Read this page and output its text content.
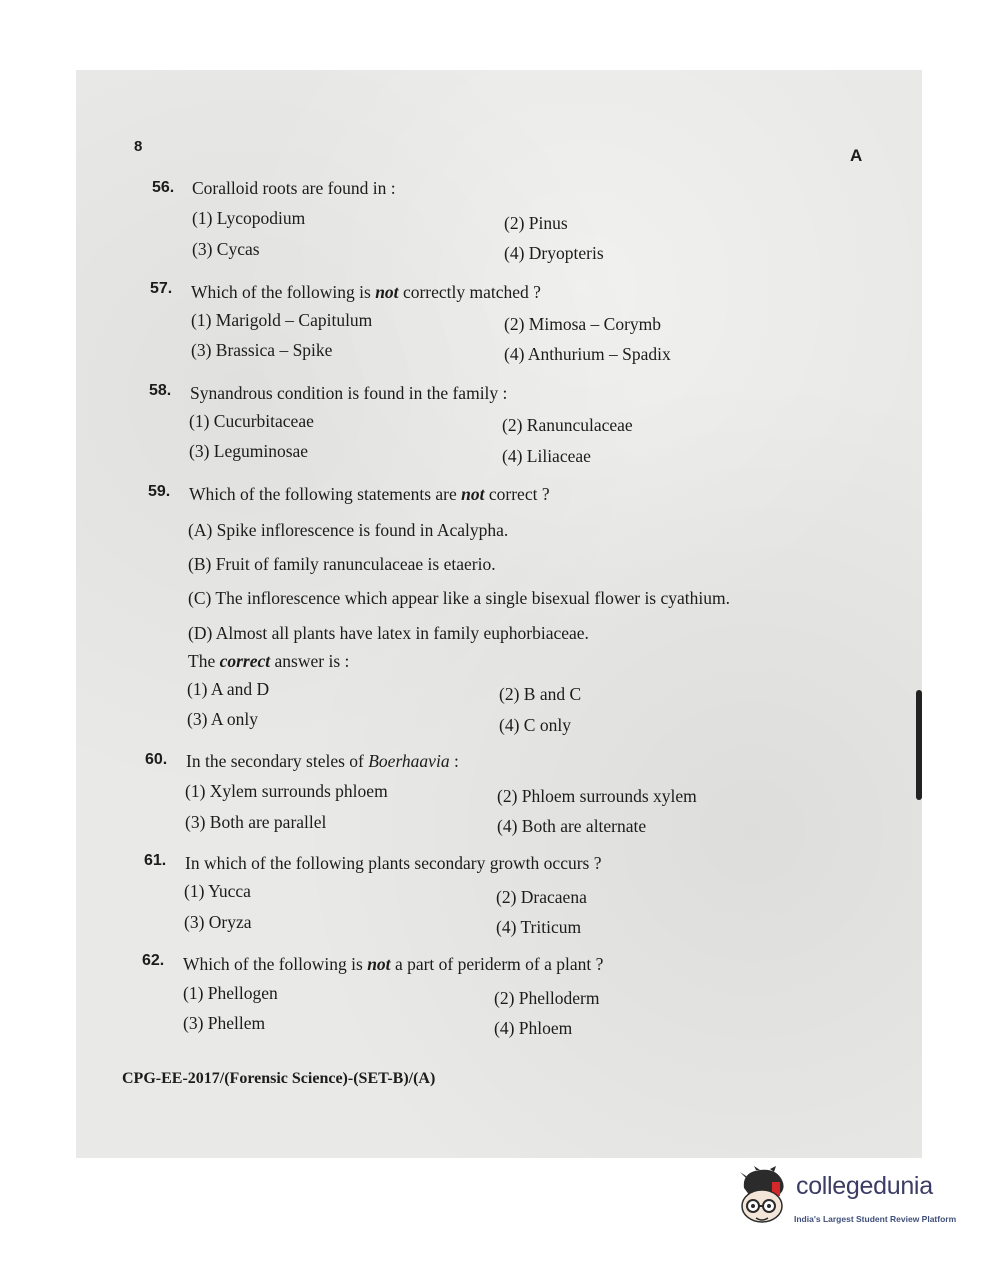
8	A
56. Coralloid roots are found in :
(1) Lycopodium	(2) Pinus
(3) Cycas	(4) Dryopteris
57. Which of the following is not correctly matched ?
(1) Marigold – Capitulum	(2) Mimosa – Corymb
(3) Brassica – Spike	(4) Anthurium – Spadix
58. Synandrous condition is found in the family :
(1) Cucurbitaceae	(2) Ranunculaceae
(3) Leguminosae	(4) Liliaceae
59. Which of the following statements are not correct ?
(A) Spike inflorescence is found in Acalypha.
(B) Fruit of family ranunculaceae is etaerio.
(C) The inflorescence which appear like a single bisexual flower is cyathium.
(D) Almost all plants have latex in family euphorbiaceae.
The correct answer is :
(1) A and D	(2) B and C
(3) A only	(4) C only
60. In the secondary steles of Boerhaavia :
(1) Xylem surrounds phloem	(2) Phloem surrounds xylem
(3) Both are parallel	(4) Both are alternate
61. In which of the following plants secondary growth occurs ?
(1) Yucca	(2) Dracaena
(3) Oryza	(4) Triticum
62. Which of the following is not a part of periderm of a plant ?
(1) Phellogen	(2) Phelloderm
(3) Phellem	(4) Phloem
CPG-EE-2017/(Forensic Science)-(SET-B)/(A)
collegedunia
India's Largest Student Review Platform
